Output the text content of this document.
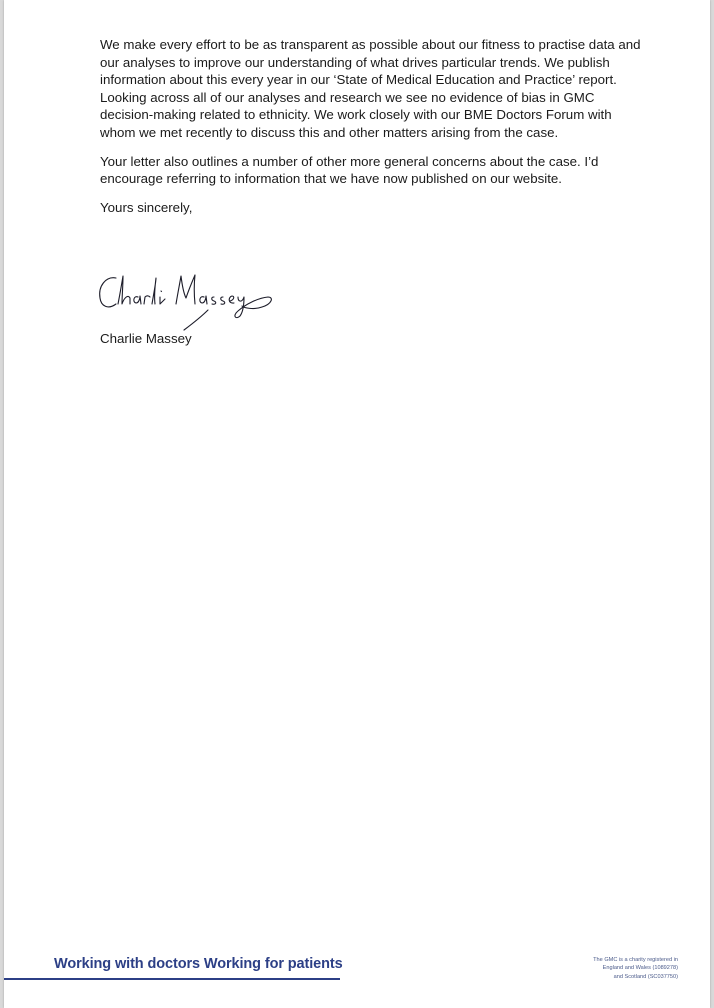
We make every effort to be as transparent as possible about our fitness to practise data and our analyses to improve our understanding of what drives particular trends. We publish information about this every year in our ‘State of Medical Education and Practice’ report. Looking across all of our analyses and research we see no evidence of bias in GMC decision-making related to ethnicity. We work closely with our BME Doctors Forum with whom we met recently to discuss this and other matters arising from the case.

Your letter also outlines a number of other more general concerns about the case. I’d encourage referring to information that we have now published on our website.

Yours sincerely,

Charlie Massey
Working with doctors Working for patients	The GMC is a charity registered in
England and Wales (1089278)
and Scotland (SC037750)
